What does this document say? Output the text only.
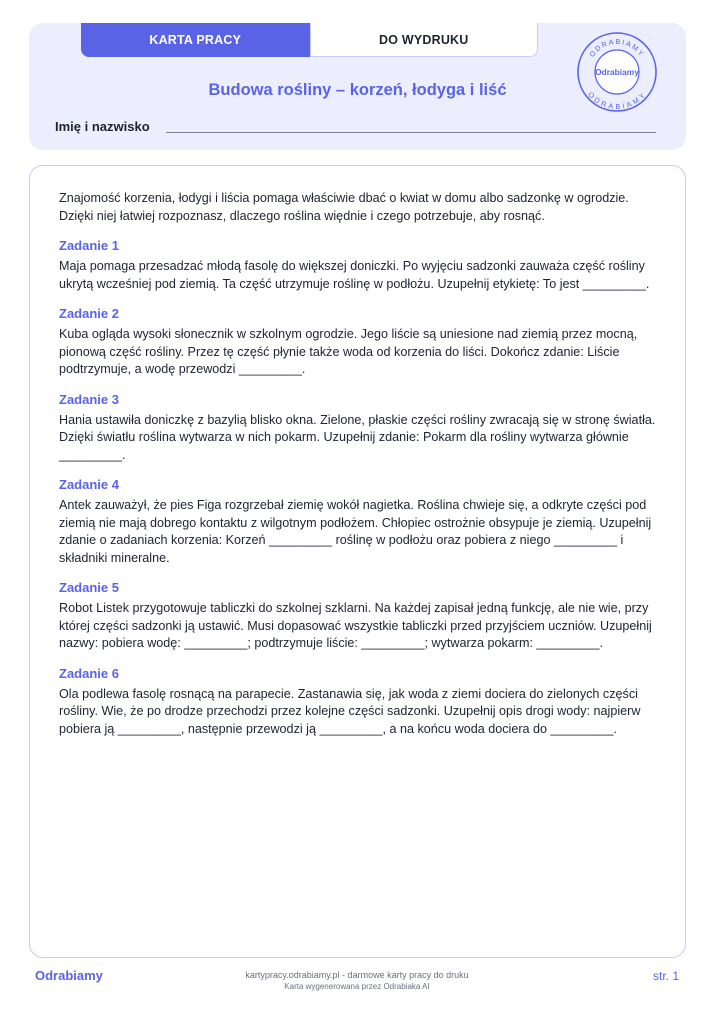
KARTA PRACY	DO WYDRUKU
ODRABIAMY
ODRABIAMY
Odrabiamy
Budowa rośliny – korzeń, łodyga i liść
Imię i nazwisko

Znajomość korzenia, łodygi i liścia pomaga właściwie dbać o kwiat w domu albo sadzonkę w ogrodzie. Dzięki niej łatwiej rozpoznasz, dlaczego roślina więdnie i czego potrzebuje, aby rosnąć.

Zadanie 1

Maja pomaga przesadzać młodą fasolę do większej doniczki. Po wyjęciu sadzonki zauważa część rośliny ukrytą wcześniej pod ziemią. Ta część utrzymuje roślinę w podłożu. Uzupełnij etykietę: To jest _________.

Zadanie 2

Kuba ogląda wysoki słonecznik w szkolnym ogrodzie. Jego liście są uniesione nad ziemią przez mocną, pionową część rośliny. Przez tę część płynie także woda od korzenia do liści. Dokończ zdanie: Liście podtrzymuje, a wodę przewodzi _________.

Zadanie 3

Hania ustawiła doniczkę z bazylią blisko okna. Zielone, płaskie części rośliny zwracają się w stronę światła. Dzięki światłu roślina wytwarza w nich pokarm. Uzupełnij zdanie: Pokarm dla rośliny wytwarza głównie _________.

Zadanie 4

Antek zauważył, że pies Figa rozgrzebał ziemię wokół nagietka. Roślina chwieje się, a odkryte części pod ziemią nie mają dobrego kontaktu z wilgotnym podłożem. Chłopiec ostrożnie obsypuje je ziemią. Uzupełnij zdanie o zadaniach korzenia: Korzeń _________ roślinę w podłożu oraz pobiera z niego _________ i składniki mineralne.

Zadanie 5

Robot Listek przygotowuje tabliczki do szkolnej szklarni. Na każdej zapisał jedną funkcję, ale nie wie, przy której części sadzonki ją ustawić. Musi dopasować wszystkie tabliczki przed przyjściem uczniów. Uzupełnij nazwy: pobiera wodę: _________; podtrzymuje liście: _________; wytwarza pokarm: _________.

Zadanie 6

Ola podlewa fasolę rosnącą na parapecie. Zastanawia się, jak woda z ziemi dociera do zielonych części rośliny. Wie, że po drodze przechodzi przez kolejne części sadzonki. Uzupełnij opis drogi wody: najpierw pobiera ją _________, następnie przewodzi ją _________, a na końcu woda dociera do _________.

Odrabiamy	kartypracy.odrabiamy.pl - darmowe karty pracy do druku
Karta wygenerowana przez Odrabiaka AI
str. 1
